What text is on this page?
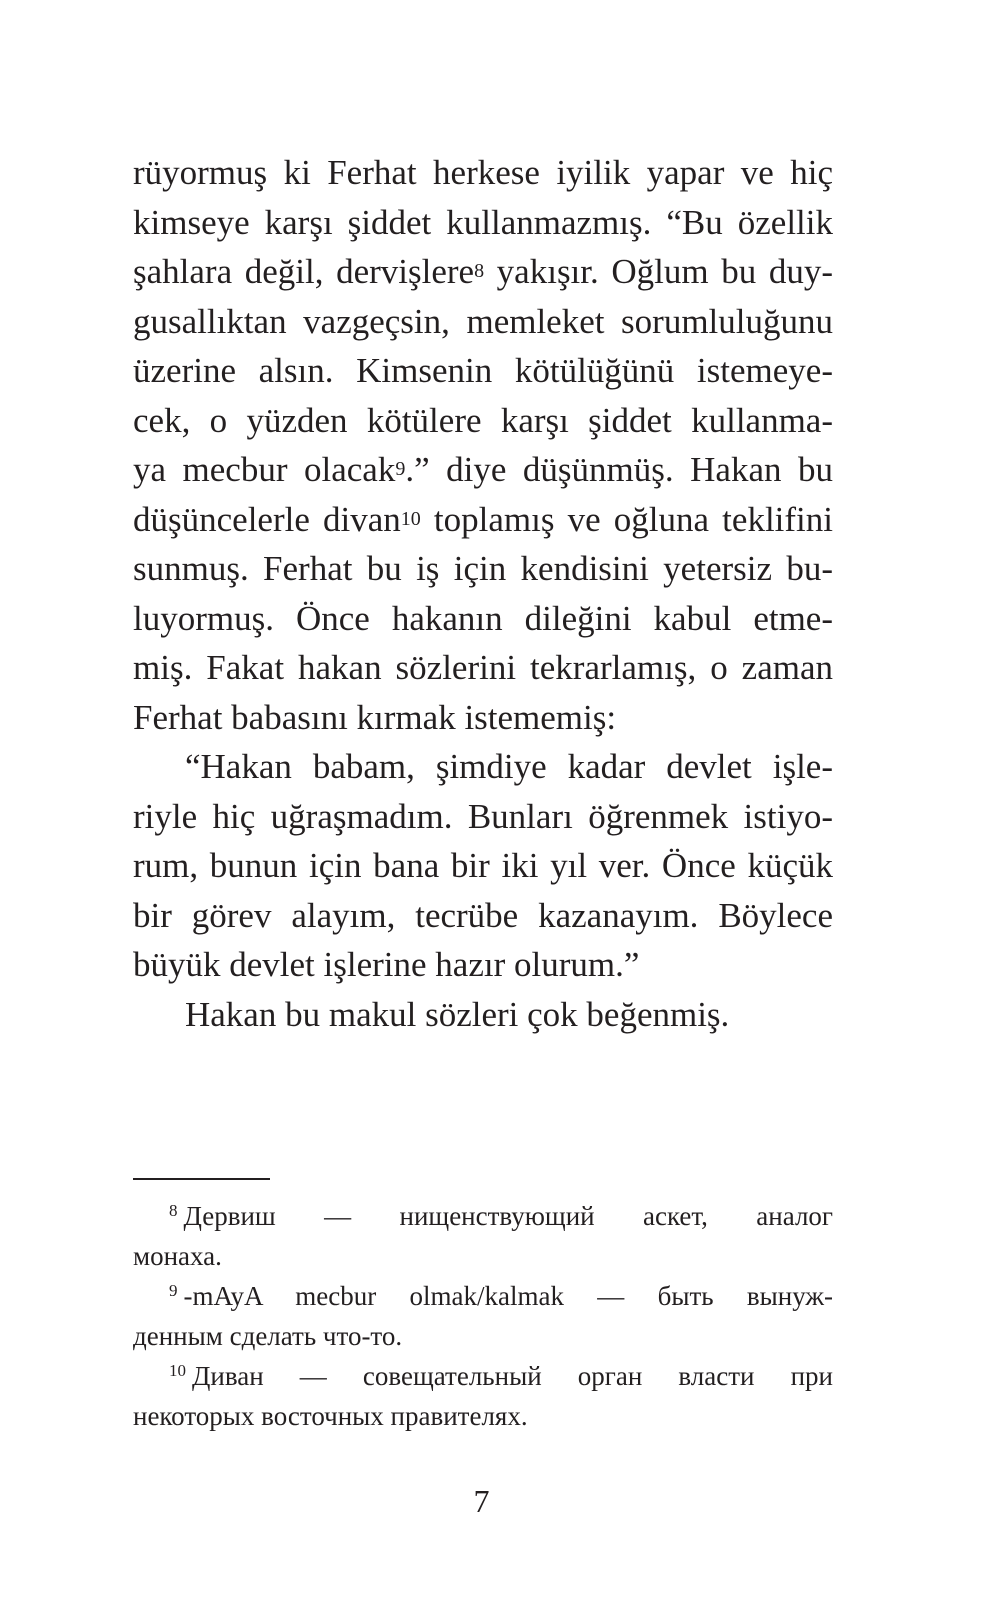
rüyormuş ki Ferhat herkese iyilik yapar ve hiç
kimseye karşı şiddet kullanmazmış. “Bu özellik
şahlara değil, dervişlere$^8$ yakışır. Oğlum bu duy-
gusallıktan vazgeçsin, memleket sorumluluğunu
üzerine alsın. Kimsenin kötülüğünü istemeye-
cek, o yüzden kötülere karşı şiddet kullanma-
ya mecbur olacak$^9$.” diye düşünmüş. Hakan bu
düşüncelerle divan$^{10}$ toplamış ve oğluna teklifini
sunmuş. Ferhat bu iş için kendisini yetersiz bu-
luyormuş. Önce hakanın dileğini kabul etme-
miş. Fakat hakan sözlerini tekrarlamış, o zaman
Ferhat babasını kırmak istememiş:
“Hakan babam, şimdiye kadar devlet işle-
riyle hiç uğraşmadım. Bunları öğrenmek istiyo-
rum, bunun için bana bir iki yıl ver. Önce küçük
bir görev alayım, tecrübe kazanayım. Böylece
büyük devlet işlerine hazır olurum.”
Hakan bu makul sözleri çok beğenmiş.
$^8$ Дервиш — нищенствующий аскет, аналог
монаха.
$^9$ -mAyA mecbur olmak/kalmak — быть вынуж-
денным сделать что-то.
$^{10}$ Диван — совещательный орган власти при
некоторых восточных правителях.
7
